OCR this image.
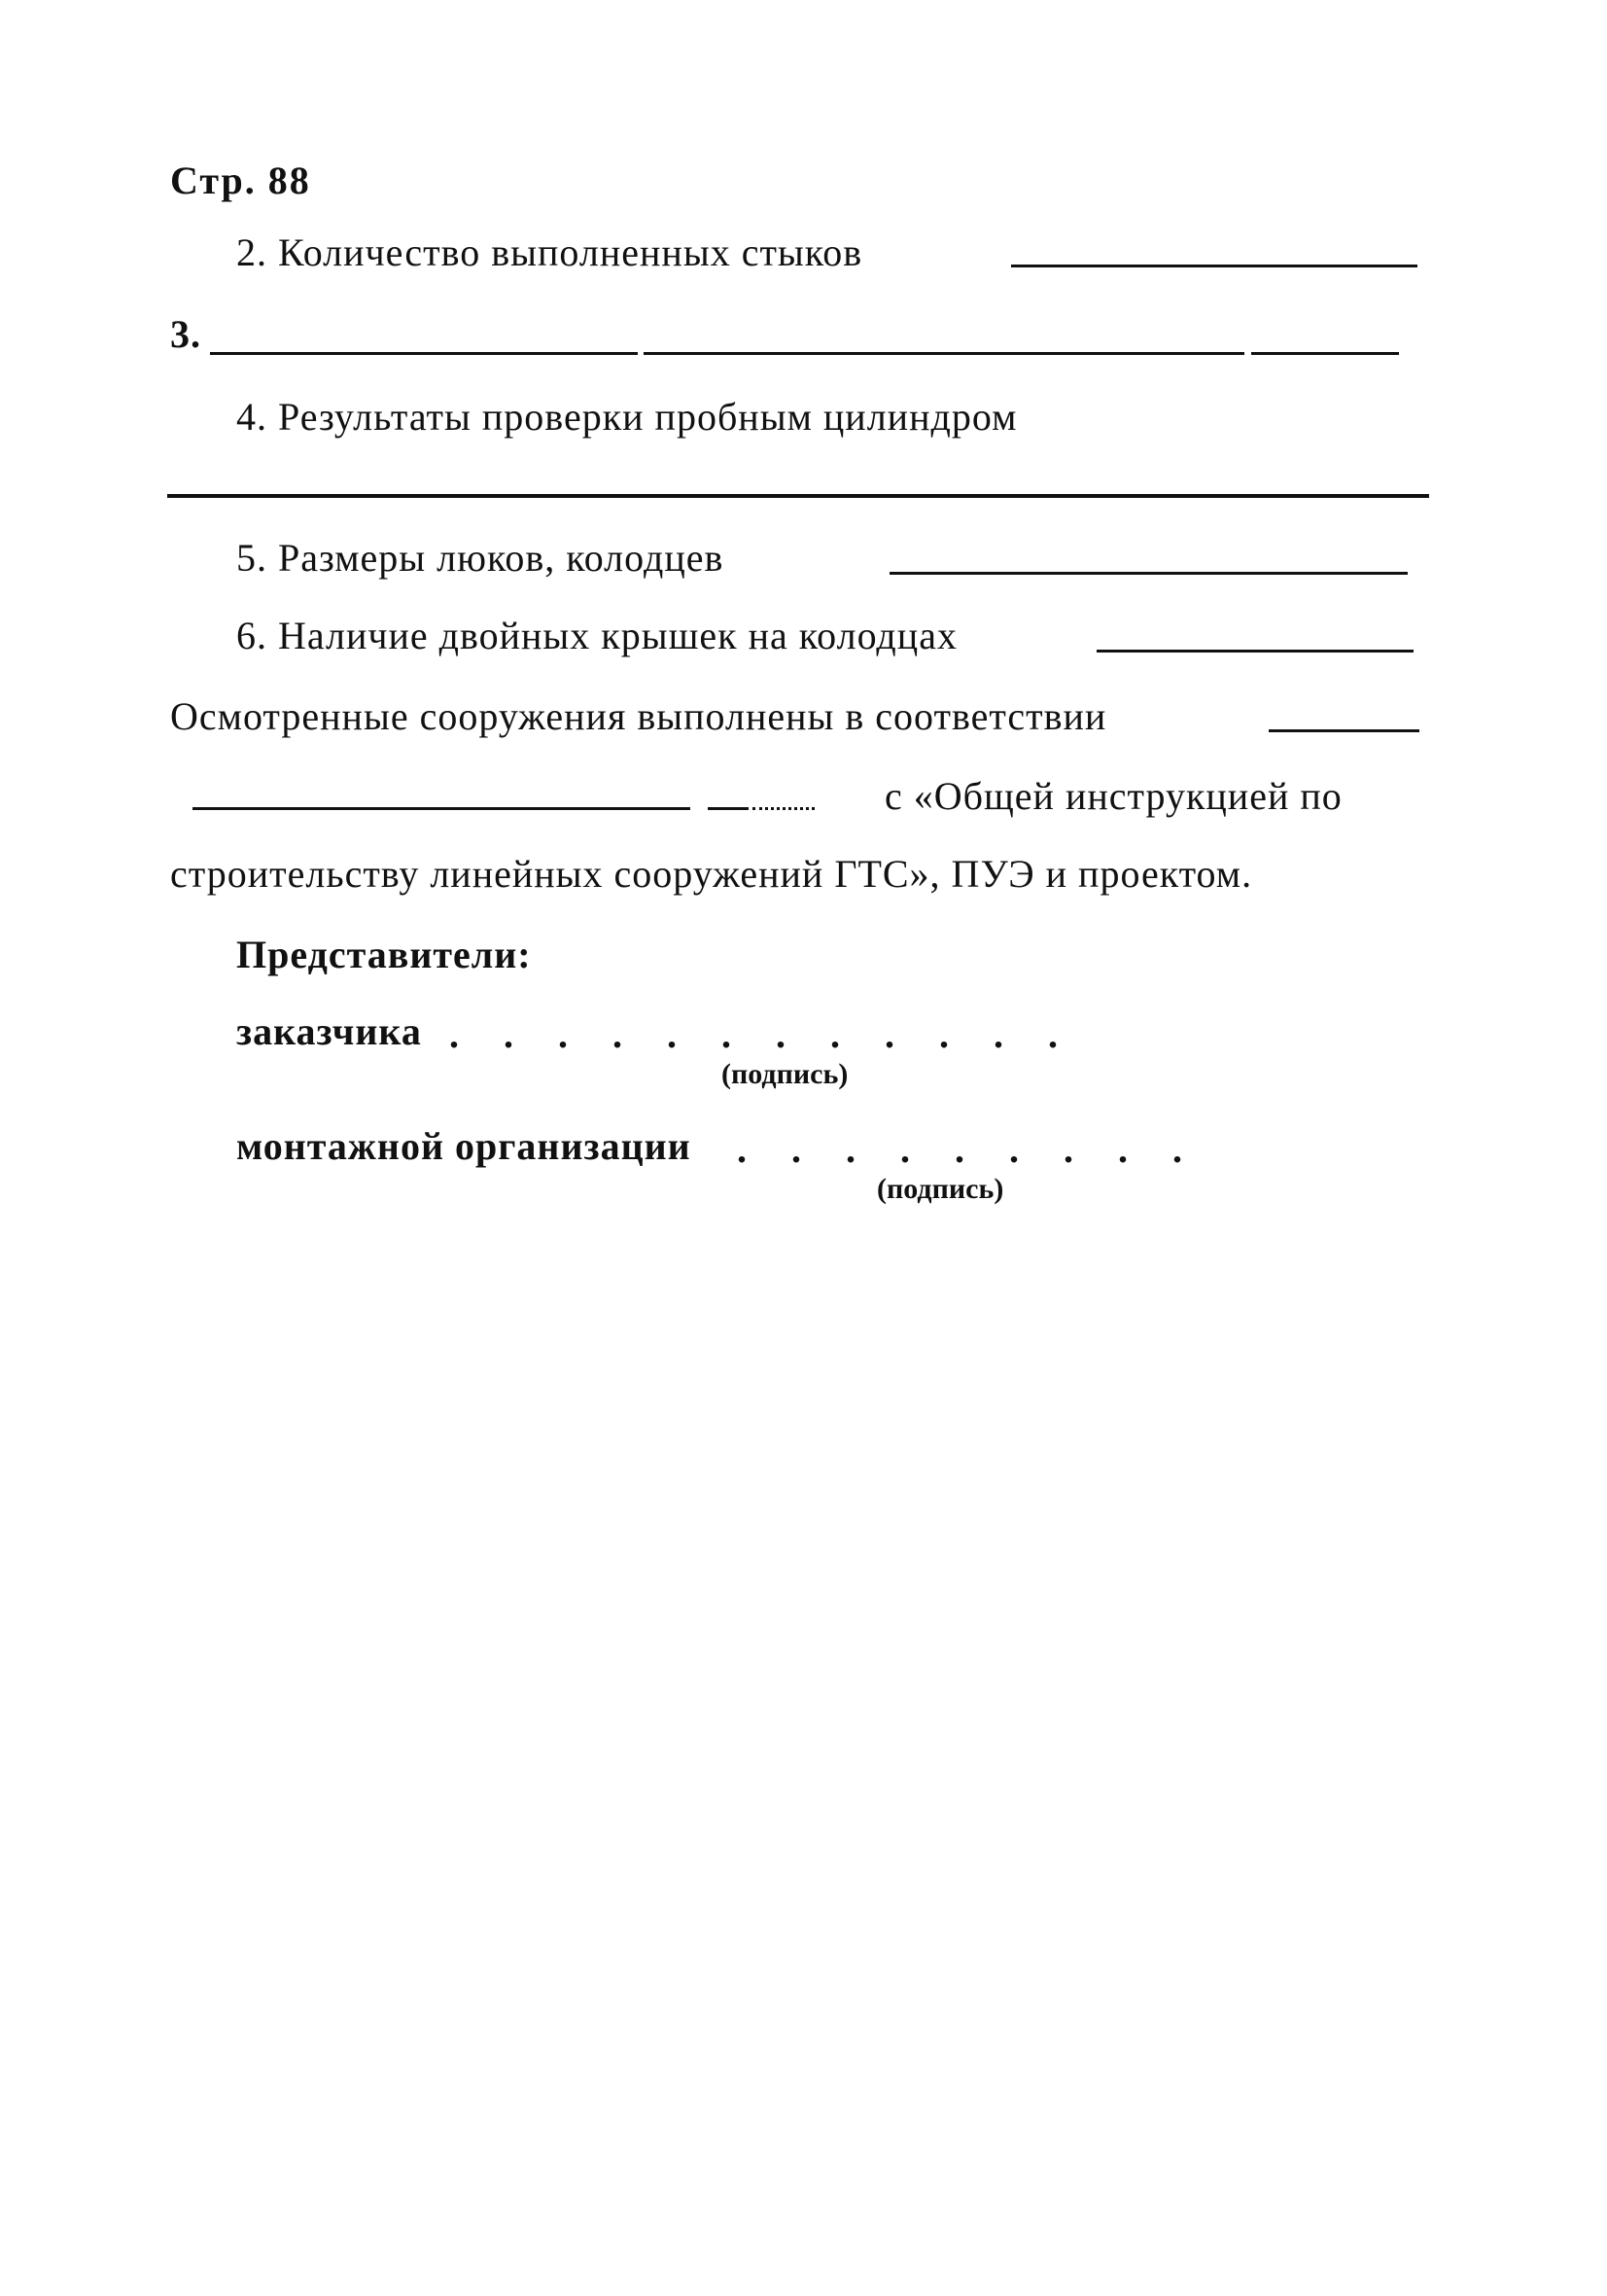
Стр. 88
2. Количество выполненных стыков
3.
4. Результаты проверки пробным цилиндром
5. Размеры люков, колодцев
6. Наличие двойных крышек на колодцах
Осмотренные сооружения выполнены в соответствии
с «Общей инструкцией по
строительству линейных сооружений ГТС», ПУЭ и проектом.
Представители:
заказчика . . . . . . . . . . . .
(подпись)
монтажной организации . . . . . . . . .
(подпись)
